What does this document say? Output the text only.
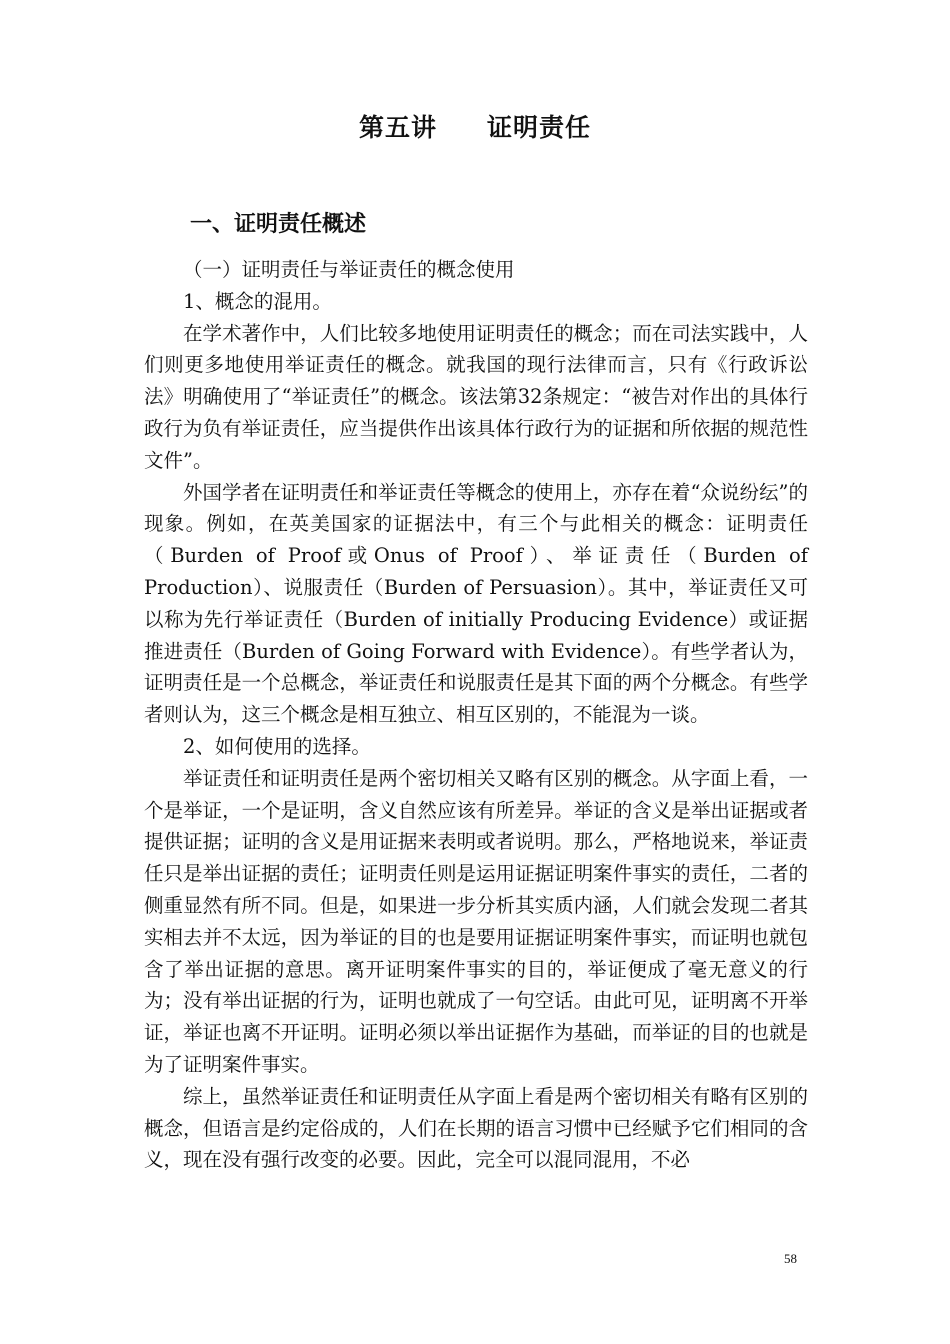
第五讲 证明责任
一、证明责任概述

（一）证明责任与举证责任的概念使用

1、概念的混用。

在学术著作中，人们比较多地使用证明责任的概念；而在司法实践中，人们则更多地使用举证责任的概念。就我国的现行法律而言，只有《行政诉讼法》明确使用了“举证责任”的概念。该法第32条规定：“被告对作出的具体行政行为负有举证责任，应当提供作出该具体行政行为的证据和所依据的规范性文件”。

外国学者在证明责任和举证责任等概念的使用上，亦存在着“众说纷纭”的现象。例如，在英美国家的证据法中，有三个与此相关的概念：证明责任（Burden of Proof或Onus of Proof）、举证责任（Burden of Production）、说服责任（Burden of Persuasion）。其中，举证责任又可以称为先行举证责任（Burden of initially Producing Evidence）或证据推进责任（Burden of Going Forward with Evidence）。有些学者认为，证明责任是一个总概念，举证责任和说服责任是其下面的两个分概念。有些学者则认为，这三个概念是相互独立、相互区别的，不能混为一谈。

2、如何使用的选择。

举证责任和证明责任是两个密切相关又略有区别的概念。从字面上看，一个是举证，一个是证明，含义自然应该有所差异。举证的含义是举出证据或者提供证据；证明的含义是用证据来表明或者说明。那么，严格地说来，举证责任只是举出证据的责任；证明责任则是运用证据证明案件事实的责任，二者的侧重显然有所不同。但是，如果进一步分析其实质内涵，人们就会发现二者其实相去并不太远，因为举证的目的也是要用证据证明案件事实，而证明也就包含了举出证据的意思。离开证明案件事实的目的，举证便成了毫无意义的行为；没有举出证据的行为，证明也就成了一句空话。由此可见，证明离不开举证，举证也离不开证明。证明必须以举出证据作为基础，而举证的目的也就是为了证明案件事实。

综上，虽然举证责任和证明责任从字面上看是两个密切相关有略有区别的概念，但语言是约定俗成的，人们在长期的语言习惯中已经赋予它们相同的含义，现在没有强行改变的必要。因此，完全可以混同混用，不必

58
